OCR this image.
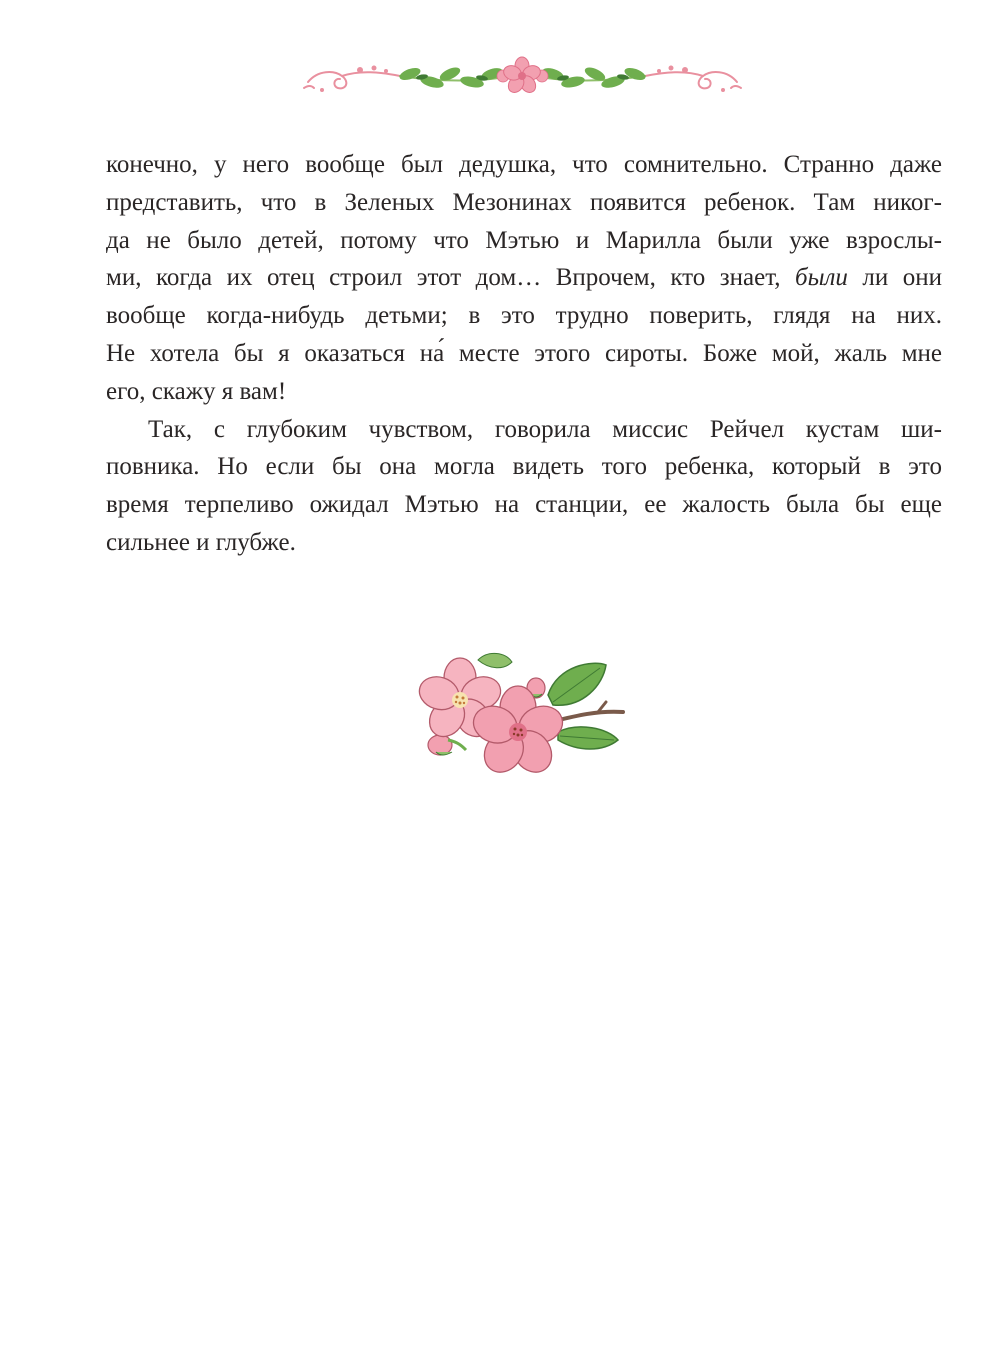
конечно, у него вообще был дедушка, что сомнительно. Странно даже
представить, что в Зеленых Мезонинах появится ребенок. Там никог-
да не было детей, потому что Мэтью и Марилла были уже взрослы-
ми, когда их отец строил этот дом… Впрочем, кто знает, были ли они
вообще когда-нибудь детьми; в это трудно поверить, глядя на них.
Не хотела бы я оказаться на́ месте этого сироты. Боже мой, жаль мне
его, скажу я вам!
Так, с глубоким чувством, говорила миссис Рейчел кустам ши-
повника. Но если бы она могла видеть того ребенка, который в это
время терпеливо ожидал Мэтью на станции, ее жалость была бы еще
сильнее и глубже.
